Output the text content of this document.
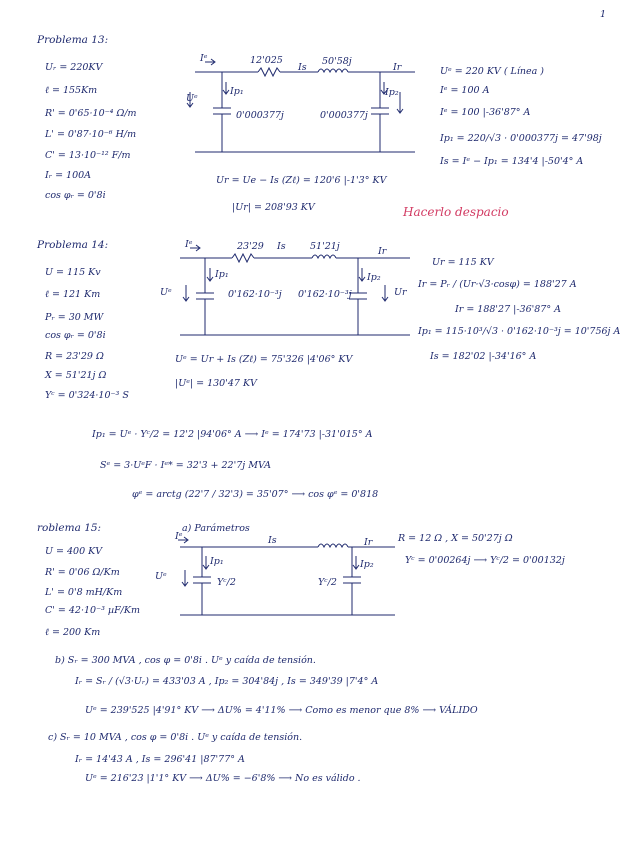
1
Problema 13:
Uᵣ = 220KV
ℓ = 155Km
R' = 0'65·10⁻⁴ Ω/m
L' = 0'87·10⁻⁶ H/m
C' = 13·10⁻¹² F/m
Iᵣ = 100A
cos φᵣ = 0'8i
Iᵉ	12'025
Is
50'58j
Ir
Uᵉ
Ip₁	Ip₂
0'000377j	0'000377j
Uᵉ = 220 KV ( Línea )
Iᵉ = 100 A
Iᵉ = 100 |-36'87° A
Ip₁ = 220/√3 · 0'000377j = 47'98j
Is = Iᵉ − Ip₁ = 134'4 |-50'4° A
Ur = Ue − Is (Zℓ) = 120'6 |-1'3° KV
|Ur| = 208'93 KV	Hacerlo despacio
Problema 14:
U = 115 Kv
ℓ = 121 Km
Pᵣ = 30 MW
cos φᵣ = 0'8i
R = 23'29 Ω
X = 51'21j Ω
Yᶜ = 0'324·10⁻³ S
Iᵉ	23'29 Is	51'21j	Ir
Uᵉ	Ur
Ip₁	Ip₂
0'162·10⁻³j 0'162·10⁻³j
Ur = 115 KV
Ir = Pᵣ / (Ur·√3·cosφ) = 188'27 A
Ir = 188'27 |-36'87° A
Ip₁ = 115·10³/√3 · 0'162·10⁻³j = 10'756j A
Is = 182'02 |-34'16° A
Uᵉ = Ur + Is (Zℓ) = 75'326 |4'06° KV
|Uᵉ| = 130'47 KV
Ip₁ = Uᵉ · Yᶜ/2 = 12'2 |94'06° A ⟶ Iᵉ = 174'73 |-31'015° A
Sᵉ = 3·UᵉF · Iᵉ* = 32'3 + 22'7j MVA
φᵉ = arctg (22'7 / 32'3) = 35'07° ⟶ cos φᵉ = 0'818
roblema 15:
U = 400 KV
R' = 0'06 Ω/Km
L' = 0'8 mH/Km
C' = 42·10⁻³ µF/Km
ℓ = 200 Km
a) Parámetros
Iᵉ	Is	Ir
Uᵉ
Ip₁	Ip₂
Yᶜ/2	Yᶜ/2
R = 12 Ω , X = 50'27j Ω
Yᶜ = 0'00264j ⟶ Yᶜ/2 = 0'00132j
b) Sᵣ = 300 MVA , cos φ = 0'8i . Uᵉ y caída de tensión.
Iᵣ = Sᵣ / (√3·Uᵣ) = 433'03 A , Ip₂ = 304'84j , Is = 349'39 |7'4° A
Uᵉ = 239'525 |4'91° KV ⟶ ΔU% = 4'11% ⟶ Como es menor que 8% ⟶ VÁLIDO
c) Sᵣ = 10 MVA , cos φ = 0'8i . Uᵉ y caída de tensión.
Iᵣ = 14'43 A , Is = 296'41 |87'77° A
Uᵉ = 216'23 |1'1° KV ⟶ ΔU% = −6'8% ⟶ No es válido .
